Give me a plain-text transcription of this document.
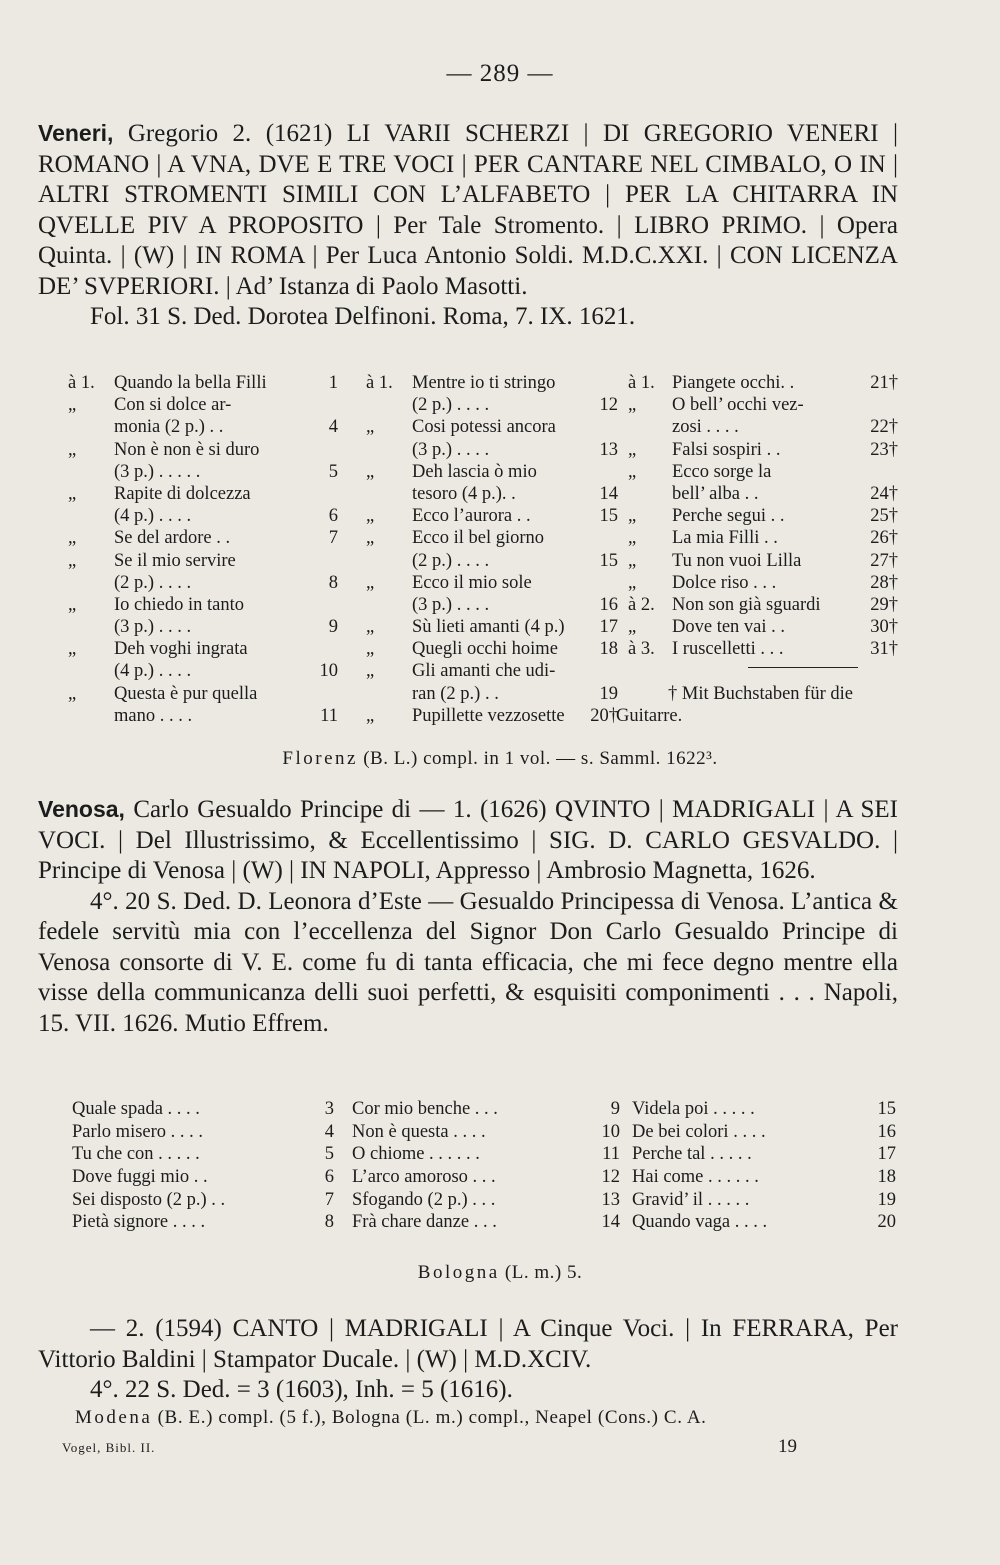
— 289 —

Veneri, Gregorio 2. (1621) LI VARII SCHERZI | DI GREGORIO VENERI | ROMANO | A VNA, DVE E TRE VOCI | PER CANTARE NEL CIMBALO, O IN | ALTRI STROMENTI SIMILI CON L’ALFABETO | PER LA CHITARRA IN QVELLE PIV A PROPOSITO | Per Tale Stromento. | LIBRO PRIMO. | Opera Quinta. | (W) | IN ROMA | Per Luca Antonio Soldi. M.D.C.XXI. | CON LICENZA DE’ SVPERIORI. | Ad’ Istanza di Paolo Masotti.

Fol. 31 S. Ded. Dorotea Delfinoni. Roma, 7. IX. 1621.

à 1. Quando la bella Filli	1
„ Con si dolce ar-
monia (2 p.) . .	4
„ Non è non è si duro
(3 p.) . . . . .	5
„ Rapite di dolcezza
(4 p.) . . . .	6
„ Se del ardore . .	7
„ Se il mio servire
(2 p.) . . . .	8
„ Io chiedo in tanto
(3 p.) . . . .	9
„ Deh voghi ingrata
(4 p.) . . . .	10
„ Questa è pur quella
mano . . . .	11
à 1. Mentre io ti stringo
(2 p.) . . . .	12
„ Cosi potessi ancora
(3 p.) . . . .	13
„ Deh lascia ò mio
tesoro (4 p.). .	14
„ Ecco l’aurora . .	15
„ Ecco il bel giorno
(2 p.) . . . .	15
„ Ecco il mio sole
(3 p.) . . . .	16
„ Sù lieti amanti (4 p.)	17
„ Quegli occhi hoime	18
„ Gli amanti che udi-
ran (2 p.) . .	19
„ Pupillette vezzosette	20†
à 1. Piangete occhi. .	21†
„ O bell’ occhi vez-
zosi . . . .	22†
„ Falsi sospiri . .	23†
„ Ecco sorge la
bell’ alba . .	24†
„ Perche segui . .	25†
„ La mia Filli . .	26†
„ Tu non vuoi Lilla	27†
„ Dolce riso . . .	28†
à 2. Non son già sguardi	29†
„ Dove ten vai . .	30†
à 3. I ruscelletti . . .	31†
† Mit Buchstaben für die
Guitarre.
Florenz (B. L.) compl. in 1 vol. — s. Samml. 1622³.

Venosa, Carlo Gesualdo Principe di — 1. (1626) QVINTO | MADRIGALI | A SEI VOCI. | Del Illustrissimo, & Eccellentissimo | SIG. D. CARLO GESVALDO. | Principe di Venosa | (W) | IN NAPOLI, Appresso | Ambrosio Magnetta, 1626.

4°. 20 S. Ded. D. Leonora d’Este — Gesualdo Principessa di Venosa. L’antica & fedele servitù mia con l’eccellenza del Signor Don Carlo Gesualdo Principe di Venosa consorte di V. E. come fu di tanta efficacia, che mi fece degno mentre ella visse della communicanza delli suoi perfetti, & esquisiti componimenti . . . Napoli, 15. VII. 1626. Mutio Effrem.

Quale spada . . . .	3
Parlo misero . . . .	4
Tu che con . . . . .	5
Dove fuggi mio . .	6
Sei disposto (2 p.) . .	7
Pietà signore . . . .	8
Cor mio benche . . .	9
Non è questa . . . .	10
O chiome . . . . . .	11
L’arco amoroso . . .	12
Sfogando (2 p.) . . .	13
Frà chare danze . . .	14
Videla poi . . . . .	15
De bei colori . . . .	16
Perche tal . . . . .	17
Hai come . . . . . .	18
Gravid’ il . . . . .	19
Quando vaga . . . .	20
Bologna (L. m.) 5.

— 2. (1594) CANTO | MADRIGALI | A Cinque Voci. | In FERRARA, Per Vittorio Baldini | Stampator Ducale. | (W) | M.D.XCIV.

4°. 22 S. Ded. = 3 (1603), Inh. = 5 (1616).

Modena (B. E.) compl. (5 f.), Bologna (L. m.) compl., Neapel (Cons.) C. A.
Vogel, Bibl. II.	19
